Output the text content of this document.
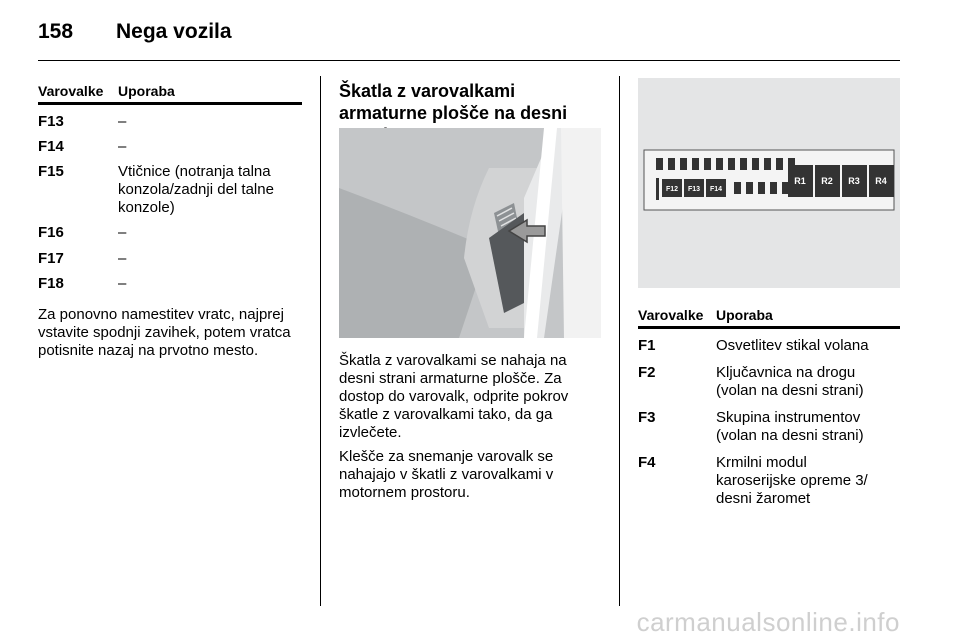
158 Nega vozila
Varovalke Uporaba
F13	–
F14	–
F15	Vtičnice (notranja talna konzola/zadnji del talne konzole)
F16	–
F17	–
F18	–
Za ponovno namestitev vratc, najprej vstavite spodnji zavihek, potem vratca potisnite nazaj na prvotno mesto.
Škatla z varovalkami armaturne plošče na desni
Škatla z varovalkami se nahaja na desni strani armaturne plošče. Za dostop do varovalk, odprite pokrov škatle z varovalkami tako, da ga izvlečete.
Klešče za snemanje varovalk se nahajajo v škatli z varovalkami v motornem prostoru.
F12 F13 F14
R1 R2 R3 R4
Varovalke Uporaba
F1	Osvetlitev stikal volana
F2	Ključavnica na drogu (volan na desni strani)
F3	Skupina instrumentov (volan na desni strani)
F4	Krmilni modul karoserijske opreme 3/ desni žaromet
carmanualsonline.info
